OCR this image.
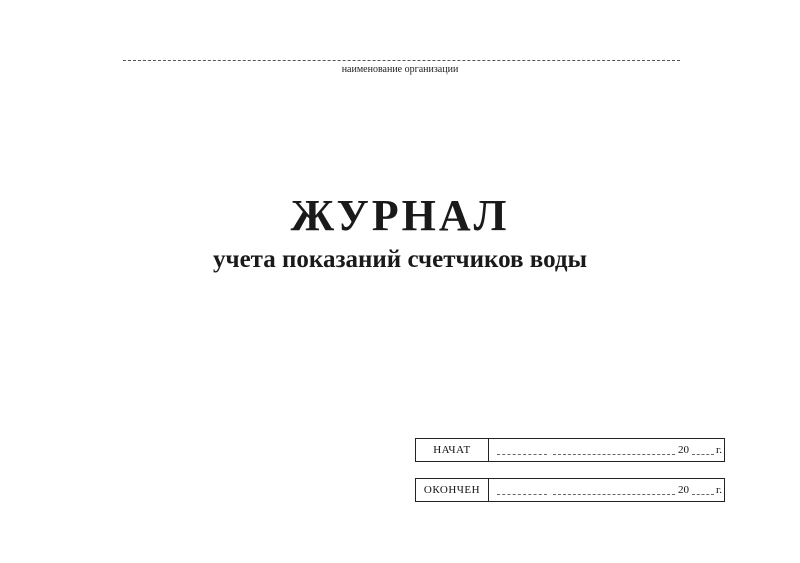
наименование организации
ЖУРНАЛ
учета показаний счетчиков воды
НАЧАТ	20 г.
ОКОНЧЕН	20 г.
